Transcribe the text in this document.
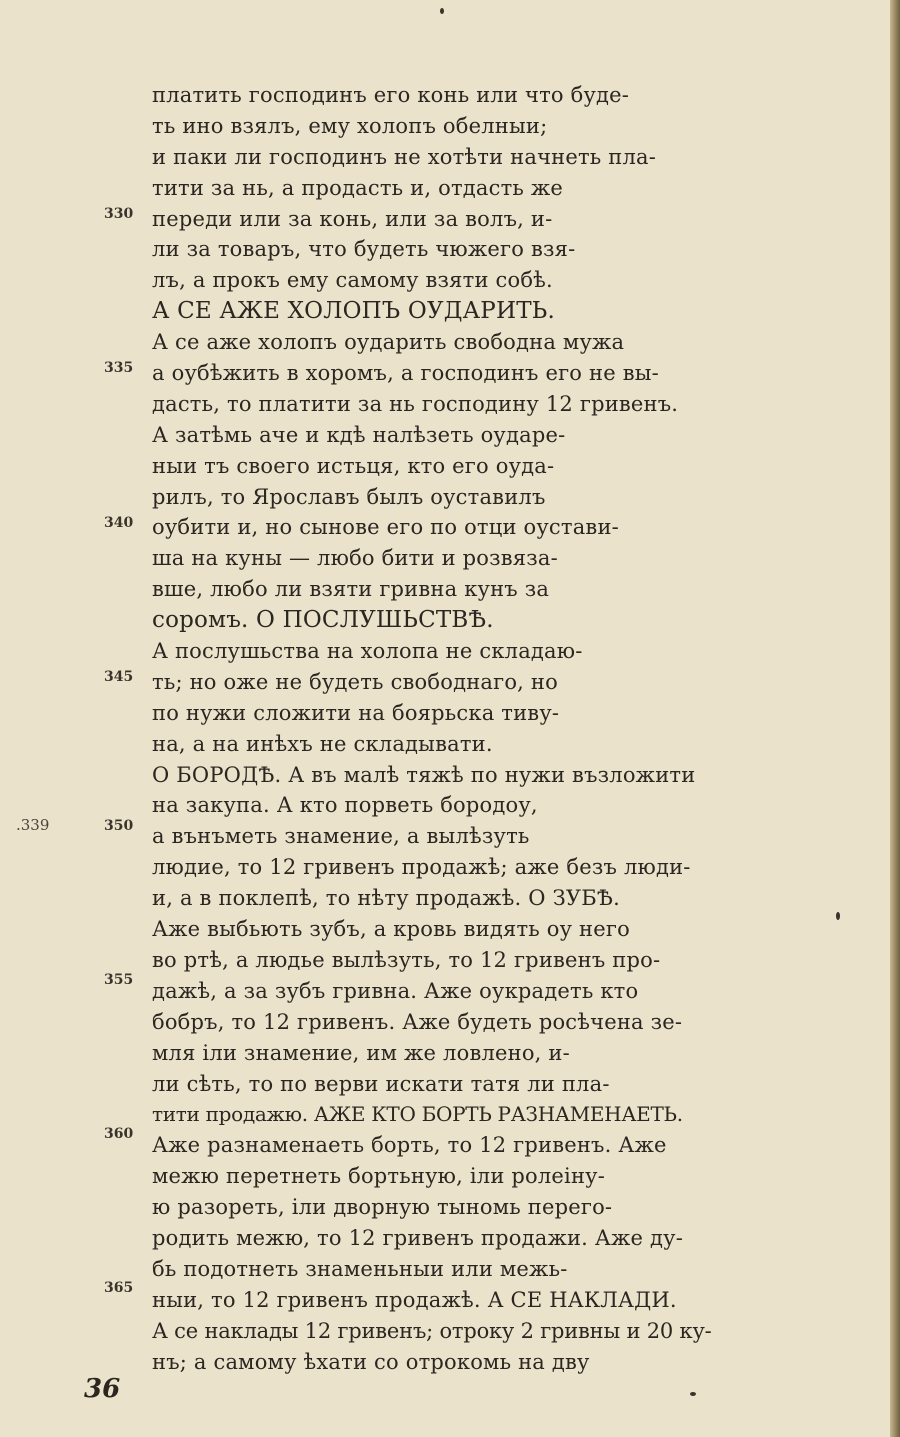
платить господинъ его конь или что буде-
ть ино взялъ, ему холопъ обелныи;
и паки ли господинъ не хотѣти начнеть пла-
тити за нь, а продасть и, отдасть же
переди или за конь, или за волъ, и-
ли за товаръ, что будеть чюжего взя-
лъ, а прокъ ему самому взяти собѣ.
А СЕ АЖЕ ХОЛОПЪ ОУДАРИТЬ.
А се аже холопъ оударить свободна мужа
а оубѣжить в хоромъ, а господинъ его не вы-
дасть, то платити за нь господину 12 гривенъ.
А затѣмь аче и кдѣ налѣзеть оударе-
ныи тъ своего истьця, кто его оуда-
рилъ, то Ярославъ былъ оуставилъ
оубити и, но сынове его по отци оустави-
ша на куны — любо бити и розвяза-
вше, любо ли взяти гривна кунъ за
соромъ. О ПОСЛУШЬСТВѢ.
А послушьства на холопа не складаю-
ть; но оже не будеть свободнаго, но
по нужи сложити на боярьска тиву-
на, а на инѣхъ не складывати.
О БОРОДѢ. А въ малѣ тяжѣ по нужи възложити
на закупа. А кто порветь бородоу,
а вънъметь знамение, а вылѣзуть
людие, то 12 гривенъ продажѣ; аже безъ люди-
и, а в поклепѣ, то нѣту продажѣ. О ЗУБѢ.
Аже выбьють зубъ, а кровь видять оу него
во ртѣ, а людье вылѣзуть, то 12 гривенъ про-
дажѣ, а за зубъ гривна. Аже оукрадеть кто
бобръ, то 12 гривенъ. Аже будеть росѣчена зе-
мля іли знамение, им же ловлено, и-
ли сѣть, то по верви искати татя ли пла-
тити продажю. АЖЕ КТО БОРТЬ РАЗНАМЕНАЕТЬ.
Аже разнаменаеть борть, то 12 гривенъ. Аже
межю перетнеть бортьную, іли ролеіну-
ю разореть, іли дворную тыномь перего-
родить межю, то 12 гривенъ продажи. Аже ду-
бь подотнеть знаменьныи или межь-
ныи, то 12 гривенъ продажѣ. А СЕ НАКЛАДИ.
А се наклады 12 гривенъ; отроку 2 гривны и 20 ку-
нъ; а самому ѣхати со отрокомь на дву
330
335
340
345
350
355
360
365
.339
36
